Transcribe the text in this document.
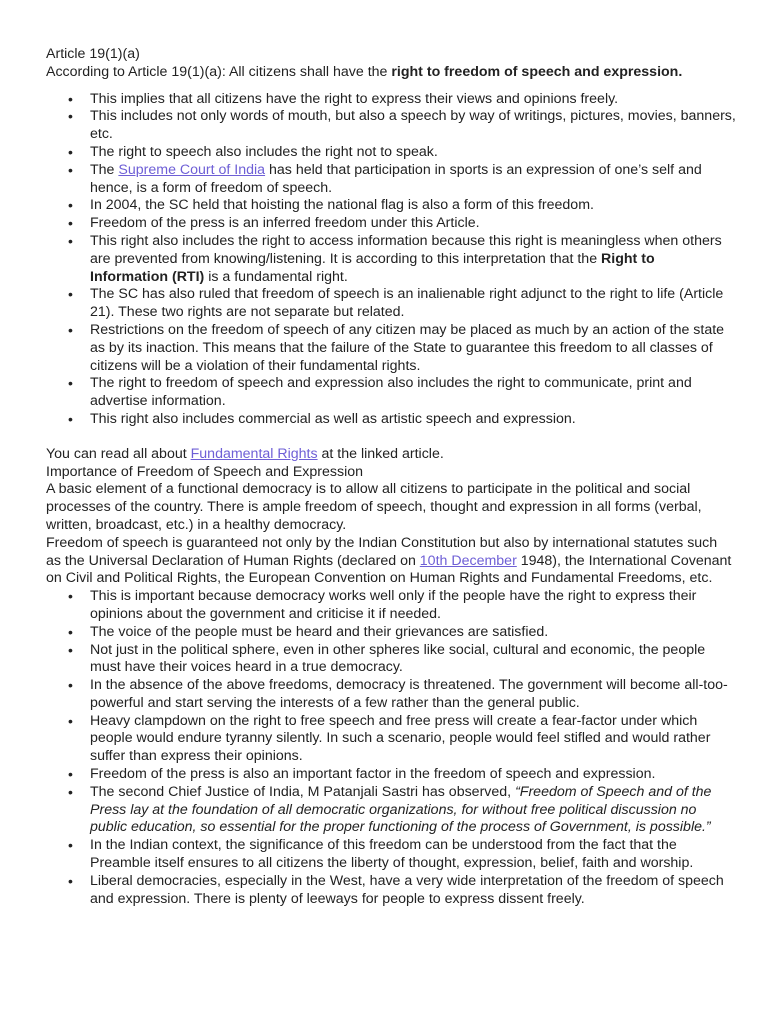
Article 19(1)(a)

According to Article 19(1)(a): All citizens shall have the right to freedom of speech and expression.

• This implies that all citizens have the right to express their views and opinions freely.
• This includes not only words of mouth, but also a speech by way of writings, pictures, movies, banners, etc.
• The right to speech also includes the right not to speak.
• The Supreme Court of India has held that participation in sports is an expression of one’s self and hence, is a form of freedom of speech.
• In 2004, the SC held that hoisting the national flag is also a form of this freedom.
• Freedom of the press is an inferred freedom under this Article.
• This right also includes the right to access information because this right is meaningless when others are prevented from knowing/listening. It is according to this interpretation that the Right to Information (RTI) is a fundamental right.
• The SC has also ruled that freedom of speech is an inalienable right adjunct to the right to life (Article 21). These two rights are not separate but related.
• Restrictions on the freedom of speech of any citizen may be placed as much by an action of the state as by its inaction. This means that the failure of the State to guarantee this freedom to all classes of citizens will be a violation of their fundamental rights.
• The right to freedom of speech and expression also includes the right to communicate, print and advertise information.
• This right also includes commercial as well as artistic speech and expression.

You can read all about Fundamental Rights at the linked article.

Importance of Freedom of Speech and Expression

A basic element of a functional democracy is to allow all citizens to participate in the political and social processes of the country. There is ample freedom of speech, thought and expression in all forms (verbal, written, broadcast, etc.) in a healthy democracy.

Freedom of speech is guaranteed not only by the Indian Constitution but also by international statutes such as the Universal Declaration of Human Rights (declared on 10th December 1948), the International Covenant on Civil and Political Rights, the European Convention on Human Rights and Fundamental Freedoms, etc.

• This is important because democracy works well only if the people have the right to express their opinions about the government and criticise it if needed.
• The voice of the people must be heard and their grievances are satisfied.
• Not just in the political sphere, even in other spheres like social, cultural and economic, the people must have their voices heard in a true democracy.
• In the absence of the above freedoms, democracy is threatened. The government will become all-too-powerful and start serving the interests of a few rather than the general public.
• Heavy clampdown on the right to free speech and free press will create a fear-factor under which people would endure tyranny silently. In such a scenario, people would feel stifled and would rather suffer than express their opinions.
• Freedom of the press is also an important factor in the freedom of speech and expression.
• The second Chief Justice of India, M Patanjali Sastri has observed, “Freedom of Speech and of the Press lay at the foundation of all democratic organizations, for without free political discussion no public education, so essential for the proper functioning of the process of Government, is possible.”
• In the Indian context, the significance of this freedom can be understood from the fact that the Preamble itself ensures to all citizens the liberty of thought, expression, belief, faith and worship.
• Liberal democracies, especially in the West, have a very wide interpretation of the freedom of speech and expression. There is plenty of leeways for people to express dissent freely.
